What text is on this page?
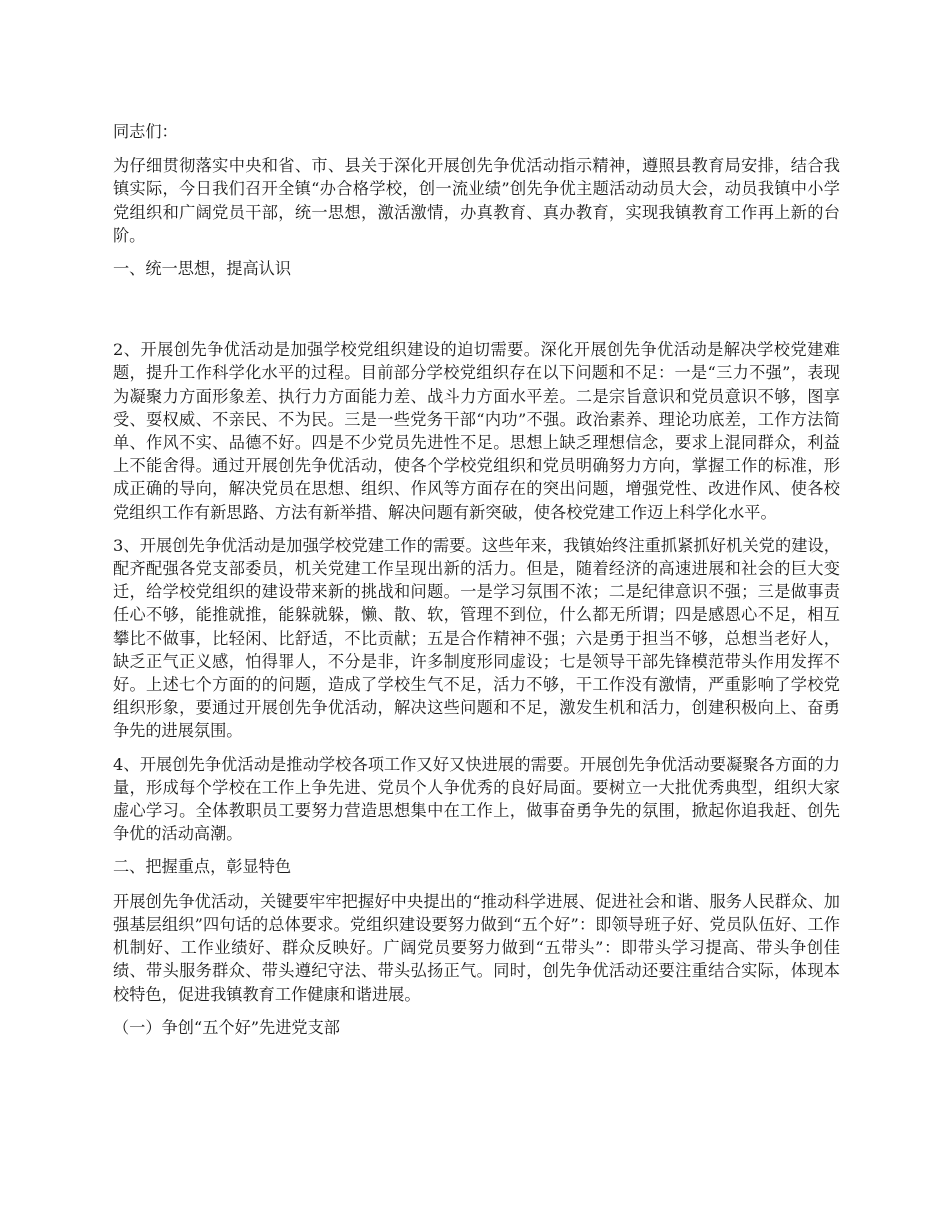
同志们：

为仔细贯彻落实中央和省、市、县关于深化开展创先争优活动指示精神，遵照县教育局安排，结合我镇实际，今日我们召开全镇“办合格学校，创一流业绩”创先争优主题活动动员大会，动员我镇中小学党组织和广阔党员干部，统一思想，激活激情，办真教育、真办教育，实现我镇教育工作再上新的台阶。

一、统一思想，提高认识

2、开展创先争优活动是加强学校党组织建设的迫切需要。深化开展创先争优活动是解决学校党建难题，提升工作科学化水平的过程。目前部分学校党组织存在以下问题和不足：一是“三力不强”，表现为凝聚力方面形象差、执行力方面能力差、战斗力方面水平差。二是宗旨意识和党员意识不够，图享受、耍权威、不亲民、不为民。三是一些党务干部“内功”不强。政治素养、理论功底差，工作方法简单、作风不实、品德不好。四是不少党员先进性不足。思想上缺乏理想信念，要求上混同群众，利益上不能舍得。通过开展创先争优活动，使各个学校党组织和党员明确努力方向，掌握工作的标准，形成正确的导向，解决党员在思想、组织、作风等方面存在的突出问题，增强党性、改进作风、使各校党组织工作有新思路、方法有新举措、解决问题有新突破，使各校党建工作迈上科学化水平。

3、开展创先争优活动是加强学校党建工作的需要。这些年来，我镇始终注重抓紧抓好机关党的建设，配齐配强各党支部委员，机关党建工作呈现出新的活力。但是，随着经济的高速进展和社会的巨大变迁，给学校党组织的建设带来新的挑战和问题。一是学习氛围不浓；二是纪律意识不强；三是做事责任心不够，能推就推，能躲就躲，懒、散、软，管理不到位，什么都无所谓；四是感恩心不足，相互攀比不做事，比轻闲、比舒适，不比贡献；五是合作精神不强；六是勇于担当不够，总想当老好人，缺乏正气正义感，怕得罪人，不分是非，许多制度形同虚设；七是领导干部先锋模范带头作用发挥不好。上述七个方面的的问题，造成了学校生气不足，活力不够，干工作没有激情，严重影响了学校党组织形象，要通过开展创先争优活动，解决这些问题和不足，激发生机和活力，创建积极向上、奋勇争先的进展氛围。

4、开展创先争优活动是推动学校各项工作又好又快进展的需要。开展创先争优活动要凝聚各方面的力量，形成每个学校在工作上争先进、党员个人争优秀的良好局面。要树立一大批优秀典型，组织大家虚心学习。全体教职员工要努力营造思想集中在工作上，做事奋勇争先的氛围，掀起你追我赶、创先争优的活动高潮。

二、把握重点，彰显特色

开展创先争优活动，关键要牢牢把握好中央提出的“推动科学进展、促进社会和谐、服务人民群众、加强基层组织”四句话的总体要求。党组织建设要努力做到“五个好”：即领导班子好、党员队伍好、工作机制好、工作业绩好、群众反映好。广阔党员要努力做到“五带头”：即带头学习提高、带头争创佳绩、带头服务群众、带头遵纪守法、带头弘扬正气。同时，创先争优活动还要注重结合实际，体现本校特色，促进我镇教育工作健康和谐进展。

（一）争创“五个好”先进党支部
